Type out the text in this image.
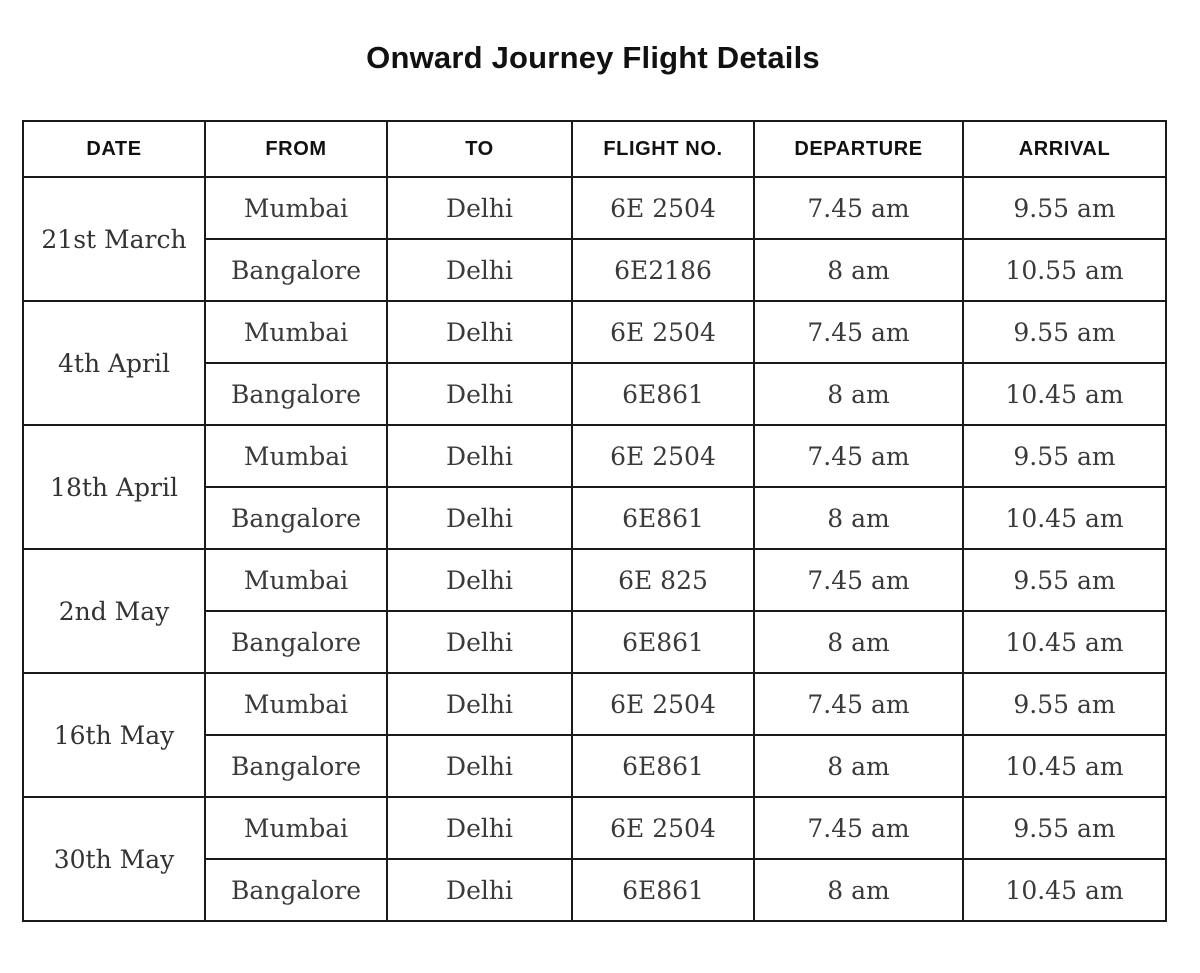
Onward Journey Flight Details
DATE	FROM	TO	FLIGHT NO.	DEPARTURE	ARRIVAL
21st March	Mumbai	Delhi	6E 2504	7.45 am	9.55 am
	Bangalore	Delhi	6E2186	8 am	10.55 am
4th April	Mumbai	Delhi	6E 2504	7.45 am	9.55 am
	Bangalore	Delhi	6E861	8 am	10.45 am
18th April	Mumbai	Delhi	6E 2504	7.45 am	9.55 am
	Bangalore	Delhi	6E861	8 am	10.45 am
2nd May	Mumbai	Delhi	6E 825	7.45 am	9.55 am
	Bangalore	Delhi	6E861	8 am	10.45 am
16th May	Mumbai	Delhi	6E 2504	7.45 am	9.55 am
	Bangalore	Delhi	6E861	8 am	10.45 am
30th May	Mumbai	Delhi	6E 2504	7.45 am	9.55 am
	Bangalore	Delhi	6E861	8 am	10.45 am
